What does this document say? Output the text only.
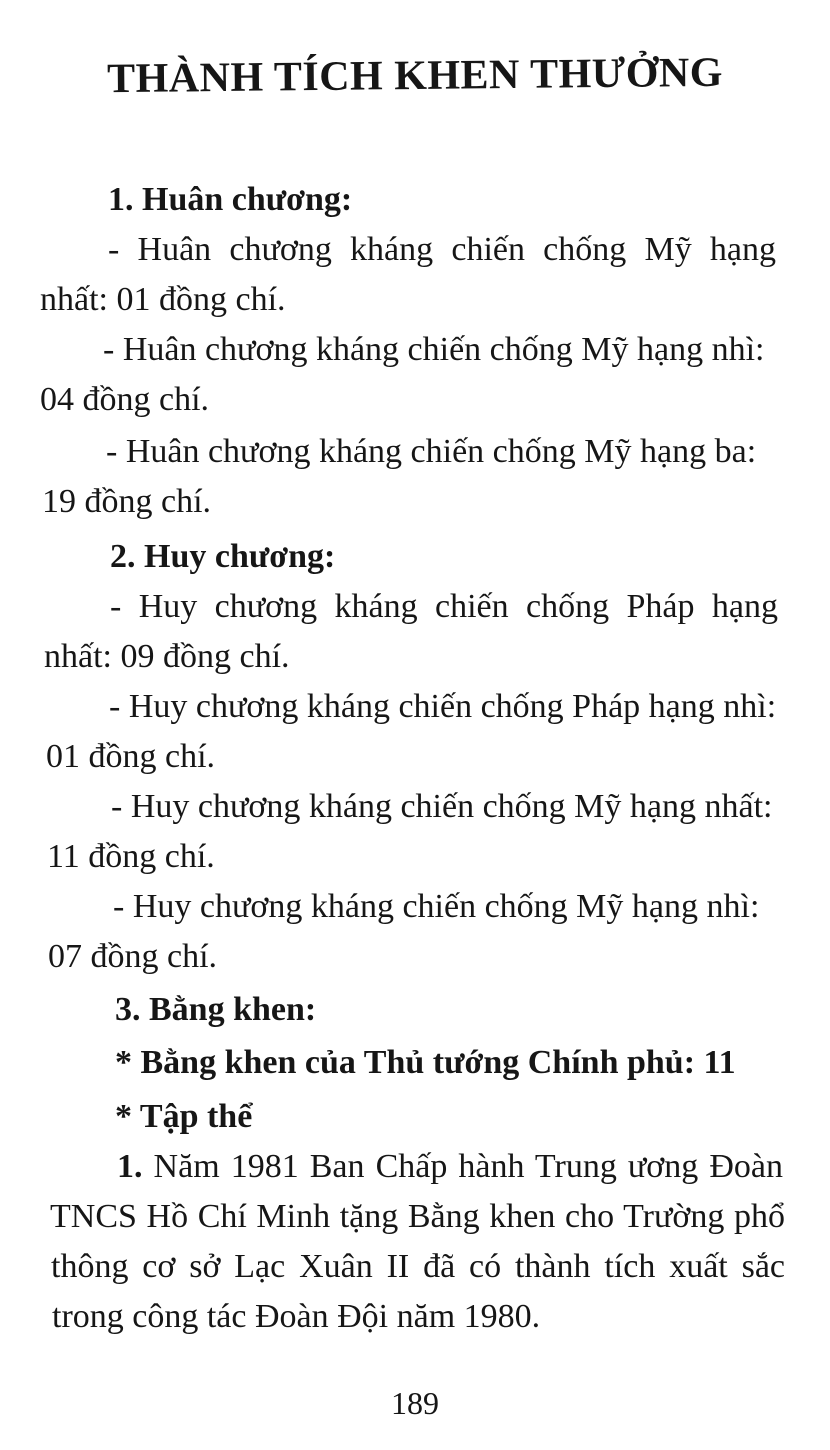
THÀNH TÍCH KHEN THƯỞNG
1. Huân chương:
- Huân chương kháng chiến chống Mỹ hạng
nhất: 01 đồng chí.
- Huân chương kháng chiến chống Mỹ hạng nhì:
04 đồng chí.
- Huân chương kháng chiến chống Mỹ hạng ba:
19 đồng chí.
2. Huy chương:
- Huy chương kháng chiến chống Pháp hạng
nhất: 09 đồng chí.
- Huy chương kháng chiến chống Pháp hạng nhì:
01 đồng chí.
- Huy chương kháng chiến chống Mỹ hạng nhất:
11 đồng chí.
- Huy chương kháng chiến chống Mỹ hạng nhì:
07 đồng chí.
3. Bằng khen:
* Bằng khen của Thủ tướng Chính phủ: 11
* Tập thể
1. Năm 1981 Ban Chấp hành Trung ương Đoàn
TNCS Hồ Chí Minh tặng Bằng khen cho Trường phổ
thông cơ sở Lạc Xuân II đã có thành tích xuất sắc
trong công tác Đoàn Đội năm 1980.
189
